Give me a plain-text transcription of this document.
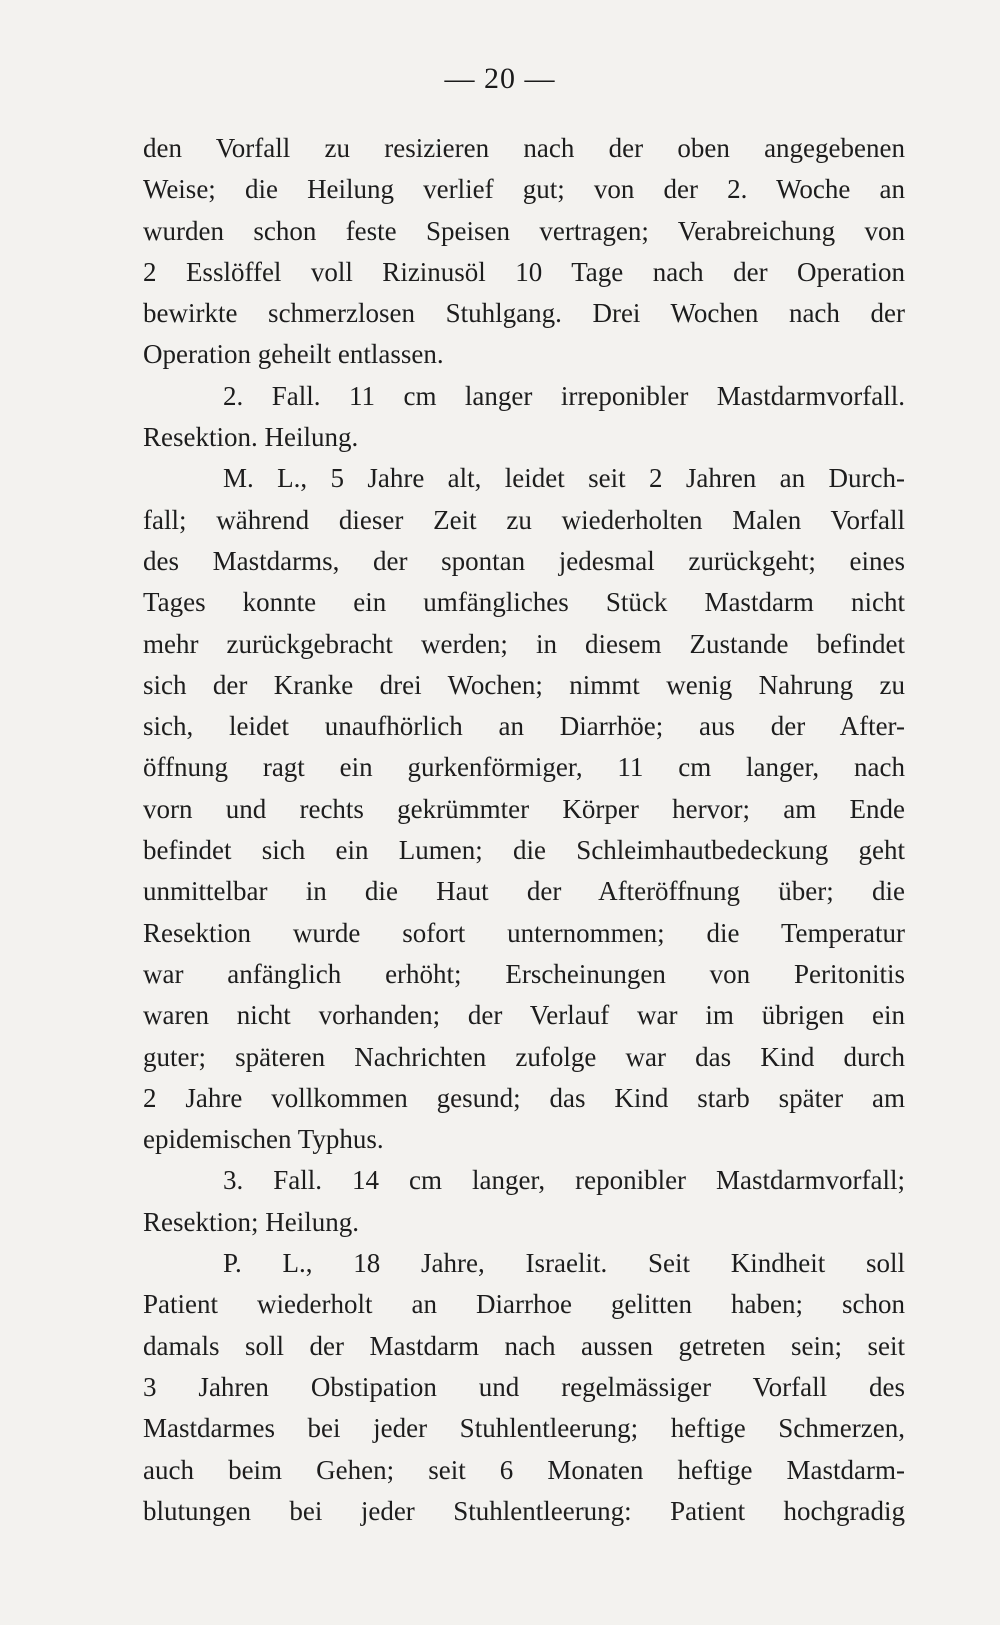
— 20 —
den Vorfall zu resizieren nach der oben angegebenen
Weise; die Heilung verlief gut; von der 2. Woche an
wurden schon feste Speisen vertragen; Verabreichung von
2 Esslöffel voll Rizinusöl 10 Tage nach der Operation
bewirkte schmerzlosen Stuhlgang. Drei Wochen nach der
Operation geheilt entlassen.
2. Fall. 11 cm langer irreponibler Mastdarmvorfall.
Resektion. Heilung.
M. L., 5 Jahre alt, leidet seit 2 Jahren an Durch-
fall; während dieser Zeit zu wiederholten Malen Vorfall
des Mastdarms, der spontan jedesmal zurückgeht; eines
Tages konnte ein umfängliches Stück Mastdarm nicht
mehr zurückgebracht werden; in diesem Zustande befindet
sich der Kranke drei Wochen; nimmt wenig Nahrung zu
sich, leidet unaufhörlich an Diarrhöe; aus der After-
öffnung ragt ein gurkenförmiger, 11 cm langer, nach
vorn und rechts gekrümmter Körper hervor; am Ende
befindet sich ein Lumen; die Schleimhautbedeckung geht
unmittelbar in die Haut der Afteröffnung über; die
Resektion wurde sofort unternommen; die Temperatur
war anfänglich erhöht; Erscheinungen von Peritonitis
waren nicht vorhanden; der Verlauf war im übrigen ein
guter; späteren Nachrichten zufolge war das Kind durch
2 Jahre vollkommen gesund; das Kind starb später am
epidemischen Typhus.
3. Fall. 14 cm langer, reponibler Mastdarmvorfall;
Resektion; Heilung.
P. L., 18 Jahre, Israelit. Seit Kindheit soll
Patient wiederholt an Diarrhoe gelitten haben; schon
damals soll der Mastdarm nach aussen getreten sein; seit
3 Jahren Obstipation und regelmässiger Vorfall des
Mastdarmes bei jeder Stuhlentleerung; heftige Schmerzen,
auch beim Gehen; seit 6 Monaten heftige Mastdarm-
blutungen bei jeder Stuhlentleerung: Patient hochgradig
